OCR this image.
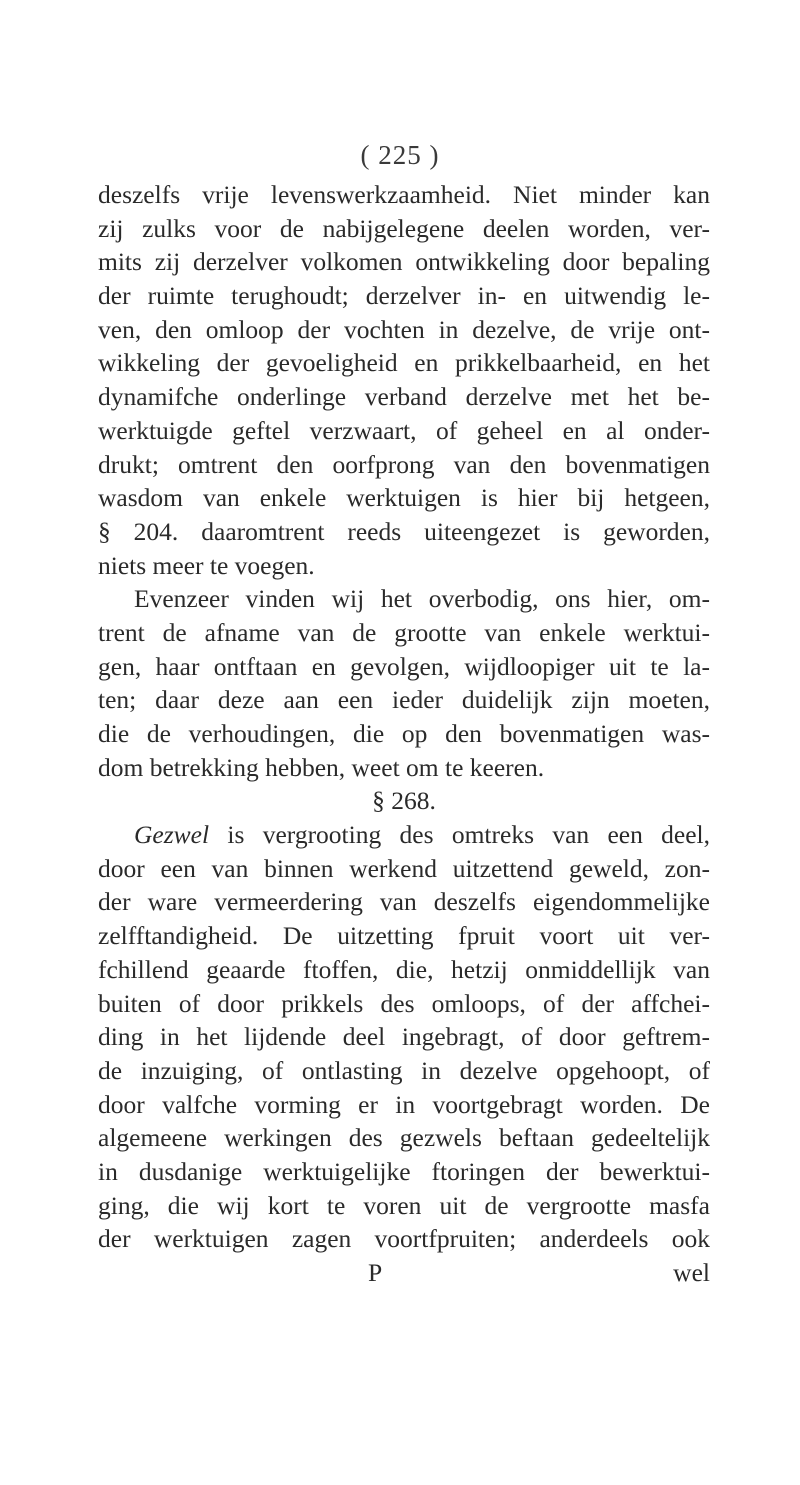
( 225 )
deszelfs vrije levenswerkzaamheid. Niet minder kan
zij zulks voor de nabijgelegene deelen worden, ver-
mits zij derzelver volkomen ontwikkeling door bepaling
der ruimte terughoudt; derzelver in- en uitwendig le-
ven, den omloop der vochten in dezelve, de vrije ont-
wikkeling der gevoeligheid en prikkelbaarheid, en het
dynamifche onderlinge verband derzelve met het be-
werktuigde geftel verzwaart, of geheel en al onder-
drukt; omtrent den oorfprong van den bovenmatigen
wasdom van enkele werktuigen is hier bij hetgeen,
§ 204. daaromtrent reeds uiteengezet is geworden,
niets meer te voegen.
Evenzeer vinden wij het overbodig, ons hier, om-
trent de afname van de grootte van enkele werktui-
gen, haar ontftaan en gevolgen, wijdloopiger uit te la-
ten; daar deze aan een ieder duidelijk zijn moeten,
die de verhoudingen, die op den bovenmatigen was-
dom betrekking hebben, weet om te keeren.
§ 268.
Gezwel is vergrooting des omtreks van een deel,
door een van binnen werkend uitzettend geweld, zon-
der ware vermeerdering van deszelfs eigendommelijke
zelfftandigheid. De uitzetting fpruit voort uit ver-
fchillend geaarde ftoffen, die, hetzij onmiddellijk van
buiten of door prikkels des omloops, of der affchei-
ding in het lijdende deel ingebragt, of door geftrem-
de inzuiging, of ontlasting in dezelve opgehoopt, of
door valfche vorming er in voortgebragt worden. De
algemeene werkingen des gezwels beftaan gedeeltelijk
in dusdanige werktuigelijke ftoringen der bewerktui-
ging, die wij kort te voren uit de vergrootte masfa
der werktuigen zagen voortfpruiten; anderdeels ook
P	wel
